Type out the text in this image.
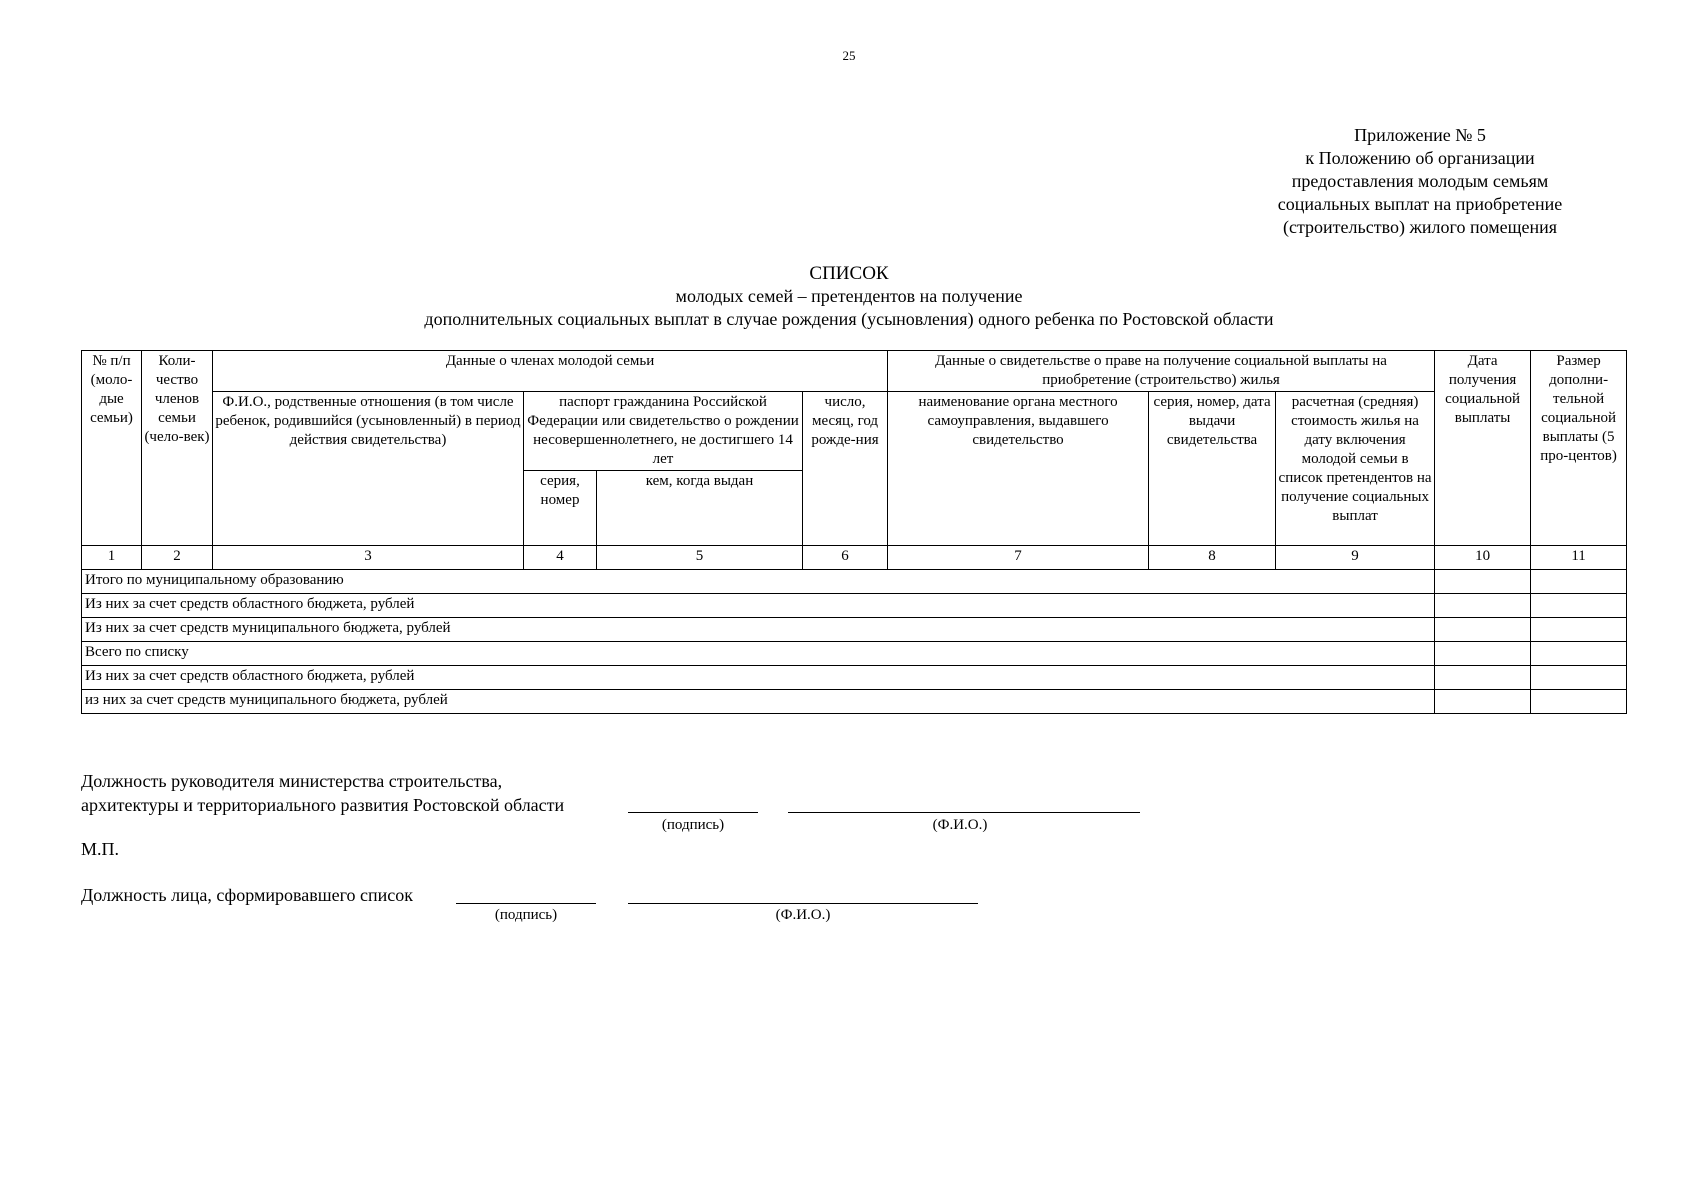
25
Приложение № 5
к Положению об организации
предоставления молодым семьям
социальных выплат на приобретение
(строительство) жилого помещения
СПИСОК
молодых семей – претендентов на получение
дополнительных социальных выплат в случае рождения (усыновления) одного ребенка по Ростовской области
№ п/п (моло-дые семьи)	Коли-чество членов семьи (чело-век)	Данные о членах молодой семьи				Данные о свидетельстве о праве на получение социальной выплаты на приобретение (строительство) жилья			Дата получения социальной выплаты	Размер дополни-тельной социальной выплаты (5 про-центов)
		Ф.И.О., родственные отношения (в том числе ребенок, родившийся (усыновленный) в период действия свидетельства)	паспорт гражданина Российской Федерации или свидетельство о рождении несовершеннолетнего, не достигшего 14 лет		число, месяц, год рожде-ния	наименование органа местного самоуправления, выдавшего свидетельство	серия, номер, дата выдачи свидетельства	расчетная (средняя) стоимость жилья на дату включения молодой семьи в список претендентов на получение социальных выплат		
			серия, номер	кем, когда выдан						
1	2	3	4	5	6	7	8	9	10	11
Итого по муниципальному образованию										
Из них за счет средств областного бюджета, рублей										
Из них за счет средств муниципального бюджета, рублей										
Всего по списку										
Из них за счет средств областного бюджета, рублей										
из них за счет средств муниципального бюджета, рублей										
Должность руководителя министерства строительства,
архитектуры и территориального развития Ростовской области
(подпись)	(Ф.И.О.)
М.П.
Должность лица, сформировавшего список
(подпись)	(Ф.И.О.)
